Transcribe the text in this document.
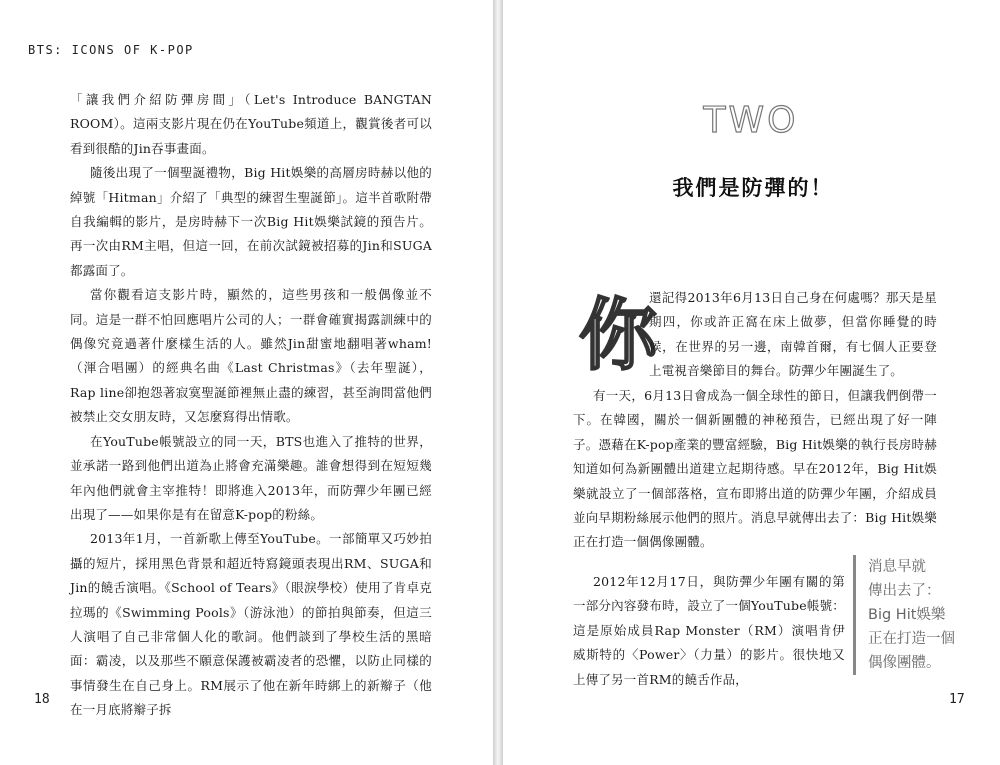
BTS: ICONS OF K-POP

「讓我們介紹防彈房間」（Let's Introduce BANGTAN ROOM）。這兩支影片現在仍在YouTube頻道上，觀賞後者可以看到很酷的Jin吞事畫面。

隨後出現了一個聖誕禮物，Big Hit娛樂的高層房時赫以他的綽號「Hitman」介紹了「典型的練習生聖誕節」。這半首歌附帶自我編輯的影片，是房時赫下一次Big Hit娛樂試鏡的預告片。再一次由RM主唱，但這一回，在前次試鏡被招募的Jin和SUGA都露面了。

當你觀看這支影片時，顯然的，這些男孩和一般偶像並不同。這是一群不怕回應唱片公司的人；一群會確實揭露訓練中的偶像究竟過著什麼樣生活的人。雖然Jin甜蜜地翻唱著wham!（渾合唱團）的經典名曲《Last Christmas》（去年聖誕），Rap line卻抱怨著寂寞聖誕節裡無止盡的練習，甚至詢問當他們被禁止交女朋友時，又怎麼寫得出情歌。

在YouTube帳號設立的同一天，BTS也進入了推特的世界，並承諾一路到他們出道為止將會充滿樂趣。誰會想得到在短短幾年內他們就會主宰推特！即將進入2013年，而防彈少年團已經出現了——如果你是有在留意K-pop的粉絲。

2013年1月，一首新歌上傳至YouTube。一部簡單又巧妙拍攝的短片，採用黑色背景和超近特寫鏡頭表現出RM、SUGA和Jin的饒舌演唱。《School of Tears》（眼淚學校）使用了肯卓克拉瑪的《Swimming Pools》（游泳池）的節拍與節奏，但這三人演唱了自己非常個人化的歌詞。他們談到了學校生活的黑暗面：霸凌，以及那些不願意保護被霸凌者的恐懼，以防止同樣的事情發生在自己身上。RM展示了他在新年時綁上的新辮子（他在一月底將辮子拆

18
TWO
我們是防彈的！
你

還記得2013年6月13日自己身在何處嗎？那天是星期四，你或許正窩在床上做夢，但當你睡覺的時候，在世界的另一邊，南韓首爾，有七個人正要登上電視音樂節目的舞台。防彈少年團誕生了。

有一天，6月13日會成為一個全球性的節日，但讓我們倒帶一下。在韓國，關於一個新團體的神秘預告，已經出現了好一陣子。憑藉在K-pop產業的豐富經驗，Big Hit娛樂的執行長房時赫知道如何為新團體出道建立起期待感。早在2012年，Big Hit娛樂就設立了一個部落格，宣布即將出道的防彈少年團，介紹成員並向早期粉絲展示他們的照片。消息早就傳出去了：Big Hit娛樂正在打造一個偶像團體。

2012年12月17日，與防彈少年團有關的第一部分內容發布時，設立了一個YouTube帳號：這是原始成員Rap Monster（RM）演唱肯伊威斯特的〈Power〉（力量）的影片。很快地又上傳了另一首RM的饒舌作品，

消息早就
傳出去了：
Big Hit娛樂
正在打造一個
偶像團體。
17
